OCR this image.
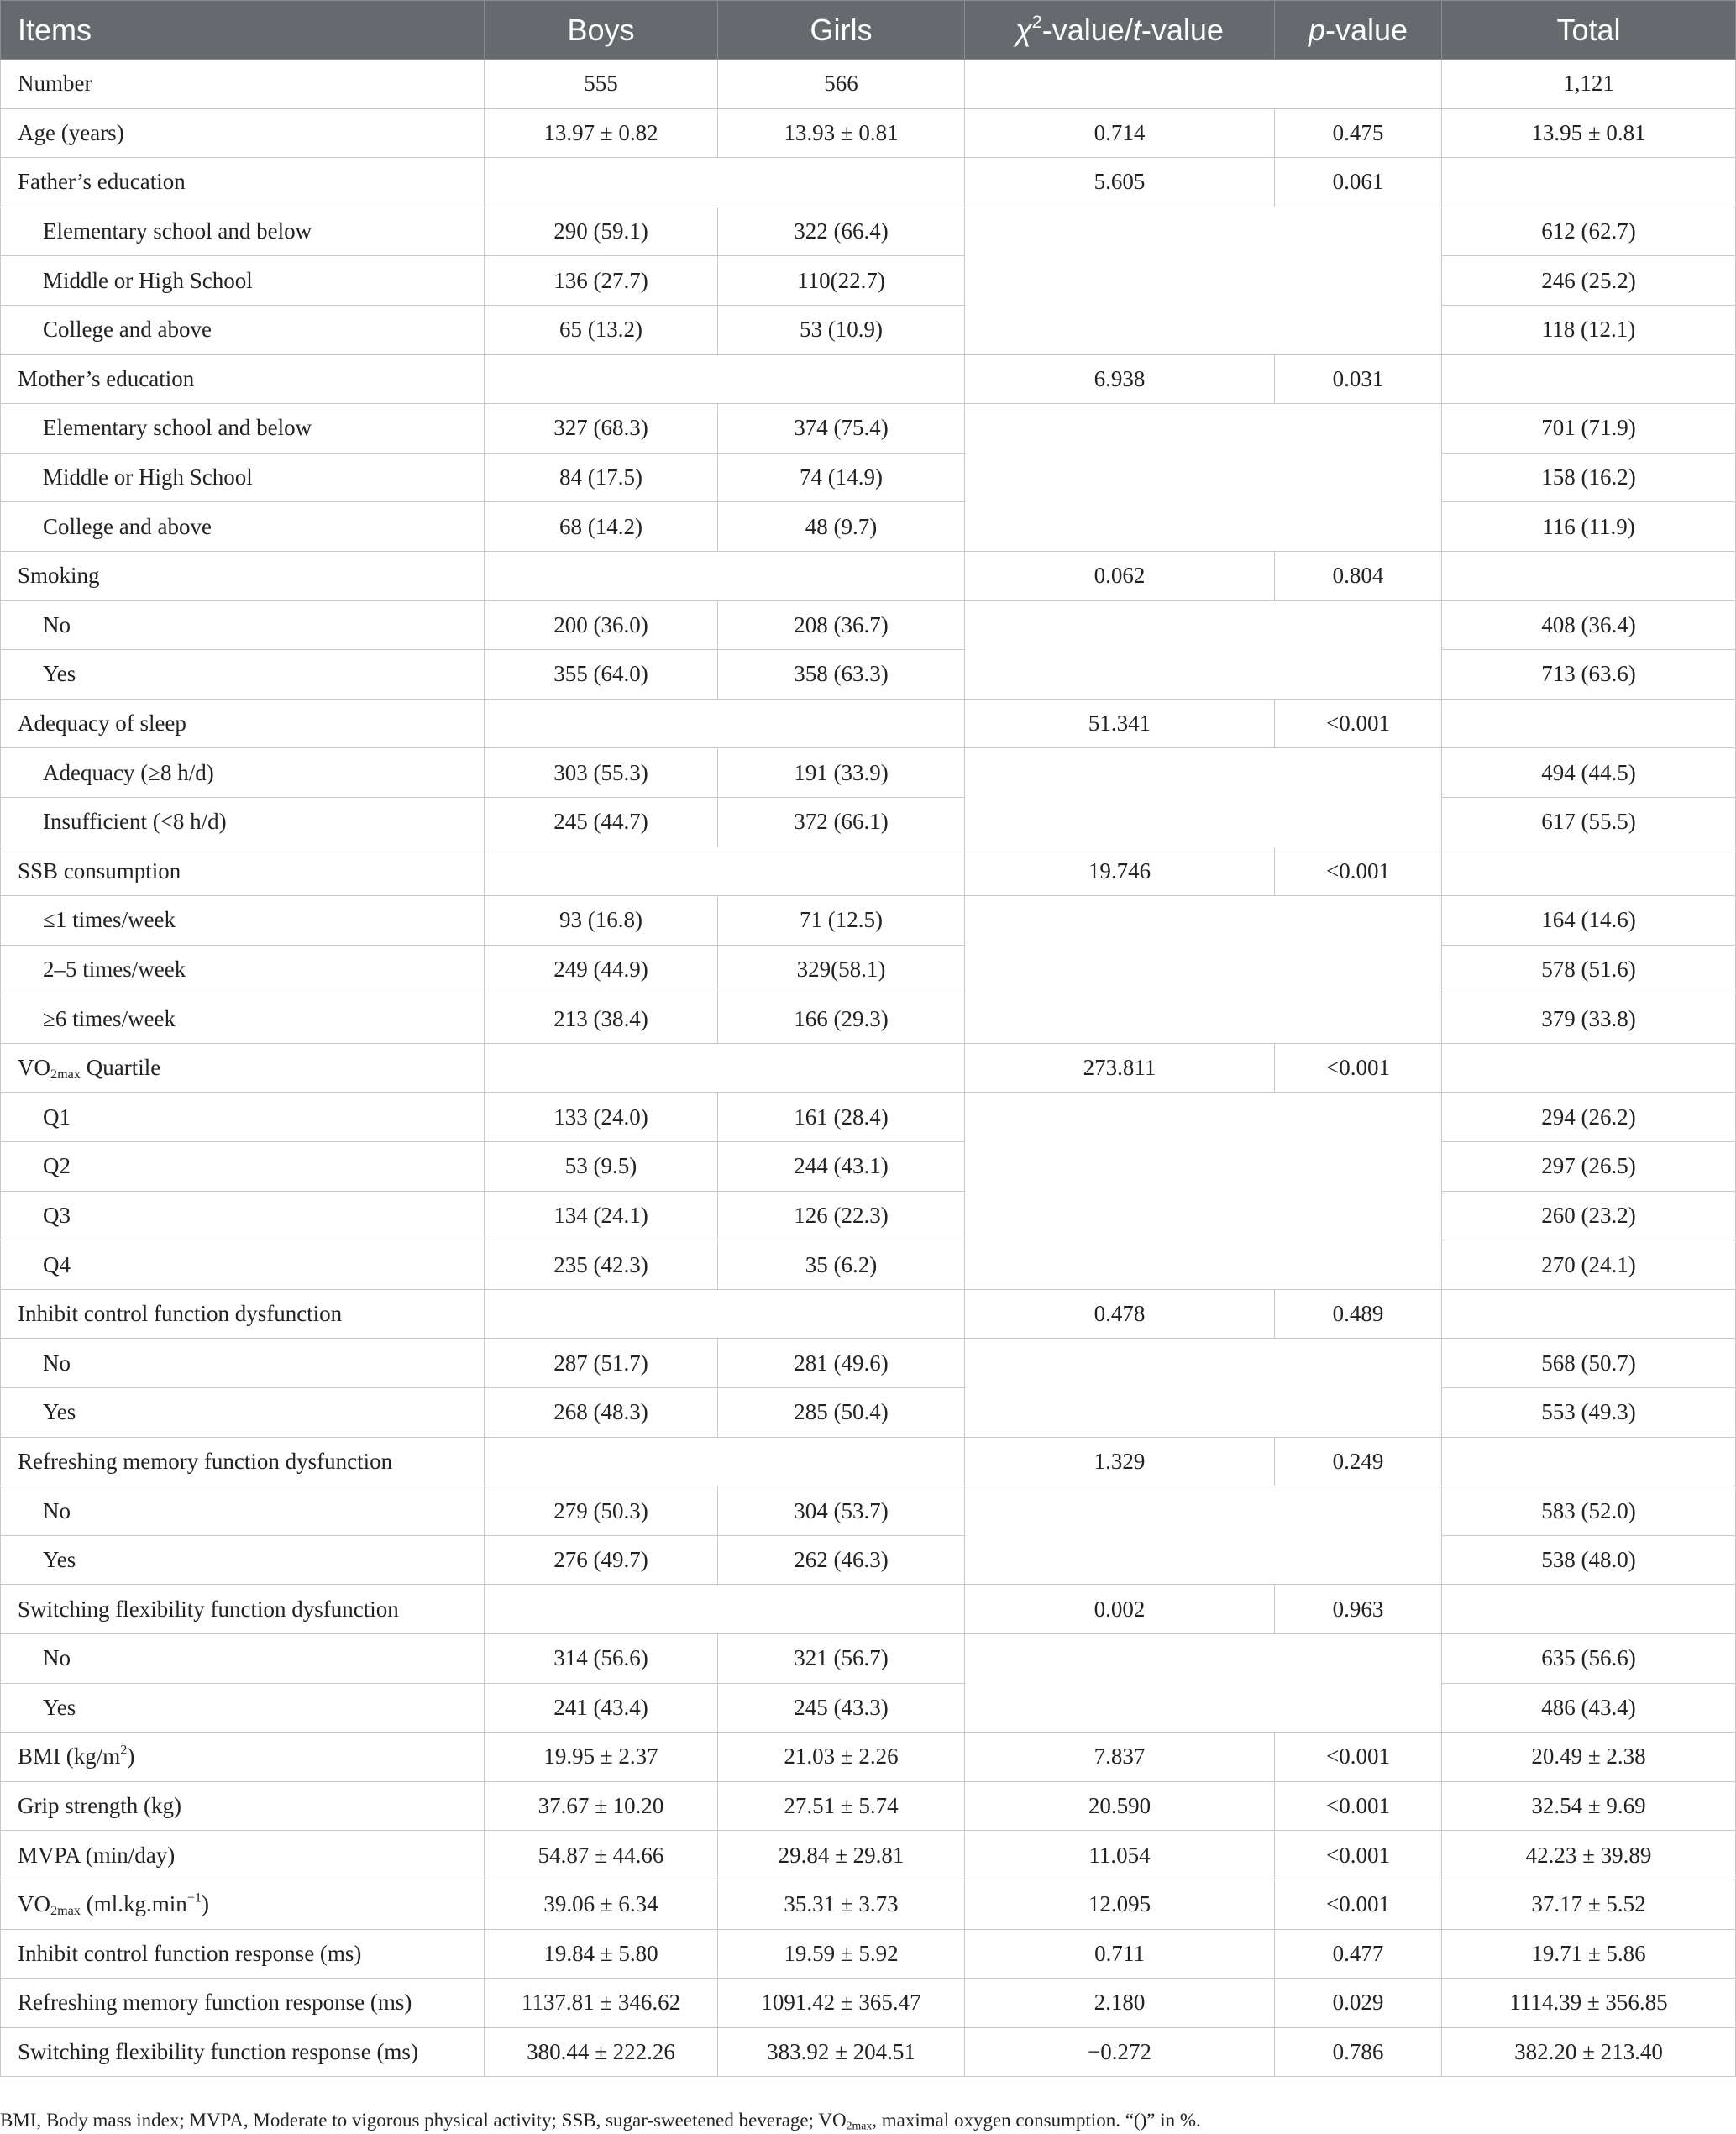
Items	Boys	Girls	$\chi^2-value/t$-value	p-value	Total
Number	555	566			1,121
Age (years)	13.97 ± 0.82	13.93 ± 0.81	0.714	0.475	13.95 ± 0.81
Father’s education			5.605	0.061	
Elementary school and below	290 (59.1)	322 (66.4)			612 (62.7)
Middle or High School	136 (27.7)	110(22.7)			246 (25.2)
College and above	65 (13.2)	53 (10.9)			118 (12.1)
Mother’s education			6.938	0.031	
Elementary school and below	327 (68.3)	374 (75.4)			701 (71.9)
Middle or High School	84 (17.5)	74 (14.9)			158 (16.2)
College and above	68 (14.2)	48 (9.7)			116 (11.9)
Smoking			0.062	0.804	
No	200 (36.0)	208 (36.7)			408 (36.4)
Yes	355 (64.0)	358 (63.3)			713 (63.6)
Adequacy of sleep			51.341	<0.001	
Adequacy (≥8 h/d)	303 (55.3)	191 (33.9)			494 (44.5)
Insufficient (<8 h/d)	245 (44.7)	372 (66.1)			617 (55.5)
SSB consumption			19.746	<0.001	
≤1 times/week	93 (16.8)	71 (12.5)			164 (14.6)
2–5 times/week	249 (44.9)	329(58.1)			578 (51.6)
≥6 times/week	213 (38.4)	166 (29.3)			379 (33.8)
$VO_{2max}$ Quartile			273.811	<0.001	
Q1	133 (24.0)	161 (28.4)			294 (26.2)
Q2	53 (9.5)	244 (43.1)			297 (26.5)
Q3	134 (24.1)	126 (22.3)			260 (23.2)
Q4	235 (42.3)	35 (6.2)			270 (24.1)
Inhibit control function dysfunction			0.478	0.489	
No	287 (51.7)	281 (49.6)			568 (50.7)
Yes	268 (48.3)	285 (50.4)			553 (49.3)
Refreshing memory function dysfunction			1.329	0.249	
No	279 (50.3)	304 (53.7)			583 (52.0)
Yes	276 (49.7)	262 (46.3)			538 (48.0)
Switching flexibility function dysfunction			0.002	0.963	
No	314 (56.6)	321 (56.7)			635 (56.6)
Yes	241 (43.4)	245 (43.3)			486 (43.4)
BMI $(kg/m^2)$	19.95 ± 2.37	21.03 ± 2.26	7.837	<0.001	20.49 ± 2.38
Grip strength (kg)	37.67 ± 10.20	27.51 ± 5.74	20.590	<0.001	32.54 ± 9.69
MVPA (min/day)	54.87 ± 44.66	29.84 ± 29.81	11.054	<0.001	42.23 ± 39.89
$VO_{2max}$ $(ml.kg.\min^{-1})$	39.06 ± 6.34	35.31 ± 3.73	12.095	<0.001	37.17 ± 5.52
Inhibit control function response (ms)	19.84 ± 5.80	19.59 ± 5.92	0.711	0.477	19.71 ± 5.86
Refreshing memory function response (ms)	1137.81 ± 346.62	1091.42 ± 365.47	2.180	0.029	1114.39 ± 356.85
Switching flexibility function response (ms)	380.44 ± 222.26	383.92 ± 204.51	−0.272	0.786	382.20 ± 213.40
BMI, Body mass index; MVPA, Moderate to vigorous physical activity; SSB, sugar-sweetened beverage; $VO_{2max}$, maximal oxygen consumption. “()” in %.
